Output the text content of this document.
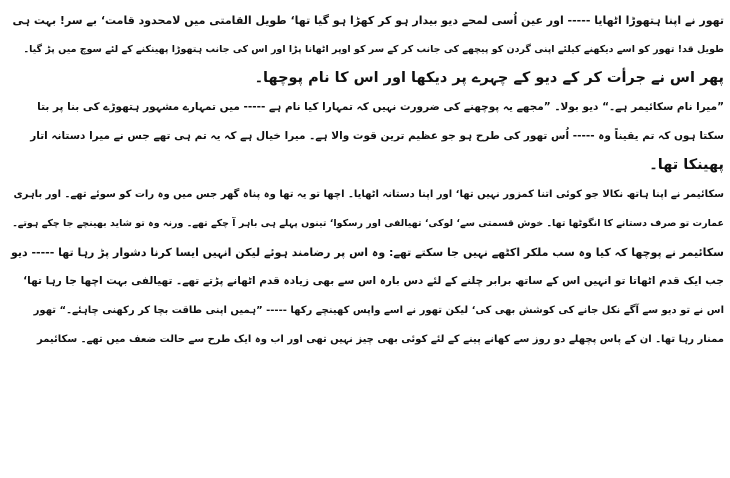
تھور نے اپنا ہتھوڑا اٹھایا ----- اور عین اُسی لمحے دیو بیدار ہو کر کھڑا ہو گیا تھا‘ طویل القامتی میں لامحدود قامت‘ بے سر! بہت ہی
طویل قد! تھور کو اسے دیکھنے کیلئے اپنی گردن کو پیچھے کی جانب کر کے سر کو اوپر اٹھانا پڑا اور اس کی جانب ہتھوڑا پھینکنے کے لئے سوچ میں پڑ گیا۔
پھر اس نے جرأت کر کے دیو کے چہرے پر دیکھا اور اس کا نام پوچھا۔
”میرا نام سکائیمر ہے۔“ دیو بولا۔ ”مجھے یہ پوچھنے کی ضرورت نہیں کہ تمہارا کیا نام ہے ----- میں تمہارے مشہور ہتھوڑے کی بنا پر بتا
سکتا ہوں کہ تم یقیناً وہ ----- اُس تھور کی طرح ہو جو عظیم ترین قوت والا ہے۔ میرا خیال ہے کہ یہ تم ہی تھے جس نے میرا دستانہ اتار
پھینکا تھا۔
سکائیمر نے اپنا ہاتھ نکالا جو کوئی اتنا کمزور نہیں تھا‘ اور اپنا دستانہ اٹھایا۔ اچھا تو یہ تھا وہ پناہ گھر جس میں وہ رات کو سوئے تھے۔ اور باہری
عمارت تو صرف دستانے کا انگوٹھا تھا۔ خوش قسمتی سے‘ لوکی‘ تھیالفی اور رسکوا‘ تینوں پہلے ہی باہر آ چکے تھے۔ ورنہ وہ تو شاید بھینچے جا چکے ہوتے۔
سکائیمر نے پوچھا کہ کیا وہ سب ملکر اکٹھے نہیں جا سکتے تھے: وہ اس پر رضامند ہوئے لیکن انہیں ایسا کرنا دشوار پڑ رہا تھا ----- دیو
جب ایک قدم اٹھاتا تو انہیں اس کے ساتھ برابر چلنے کے لئے دس بارہ اس سے بھی زیادہ قدم اٹھانے پڑتے تھے۔ تھیالفی بہت اچھا جا رہا تھا‘
اس نے تو دیو سے آگے نکل جانے کی کوشش بھی کی‘ لیکن تھور نے اسے واپس کھینچے رکھا ----- ”ہمیں اپنی طاقت بچا کر رکھنی چاہئے۔“ تھور
ممنار رہا تھا۔ ان کے پاس پچھلے دو روز سے کھانے پینے کے لئے کوئی بھی چیز نہیں تھی اور اب وہ ایک طرح سے حالت ضعف میں تھے۔ سکائیمر
